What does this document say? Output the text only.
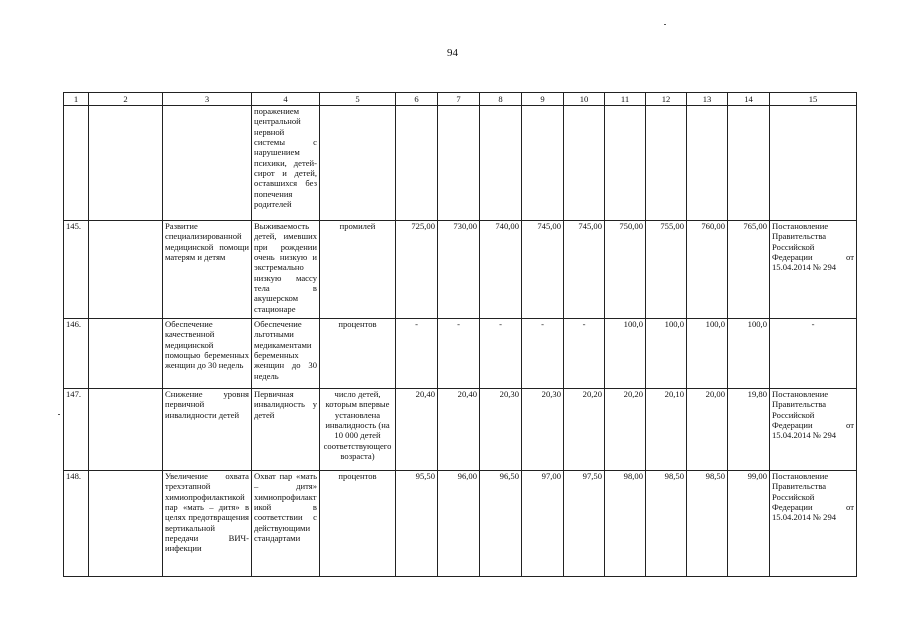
94
1	2	3	4	5	6	7	8	9	10	11	12	13	14	15
			поражением центральной нервной системы с нарушением психики, детей-сирот и детей, оставшихся без попечения родителей											
145.		Развитие специализированной медицинской помощи матерям и детям	Выживаемость детей, имевших при рождении очень низкую и экстремально низкую массу тела в акушерском стационаре	промилей	725,00	730,00	740,00	745,00	745,00	750,00	755,00	760,00	765,00	Постановление Правительства Российской Федерации от 15.04.2014 № 294
146.		Обеспечение качественной медицинской помощью беременных женщин до 30 недель	Обеспечение льготными медикаментами беременных женщин до 30 недель	процентов	-	-	-	-	-	100,0	100,0	100,0	100,0	-
147.		Снижение уровня первичной инвалидности детей	Первичная инвалидность у детей	число детей, которым впервые установлена инвалидность (на 10 000 детей соответствующего возраста)	20,40	20,40	20,30	20,30	20,20	20,20	20,10	20,00	19,80	Постановление Правительства Российской Федерации от 15.04.2014 № 294
148.		Увеличение охвата трехэтапной химиопрофилактикой пар «мать – дитя» в целях предотвращения вертикальной передачи ВИЧ-инфекции	Охват пар «мать – дитя» химиопрофилактикой в соответствии с действующими стандартами	процентов	95,50	96,00	96,50	97,00	97,50	98,00	98,50	98,50	99,00	Постановление Правительства Российской Федерации от 15.04.2014 № 294
